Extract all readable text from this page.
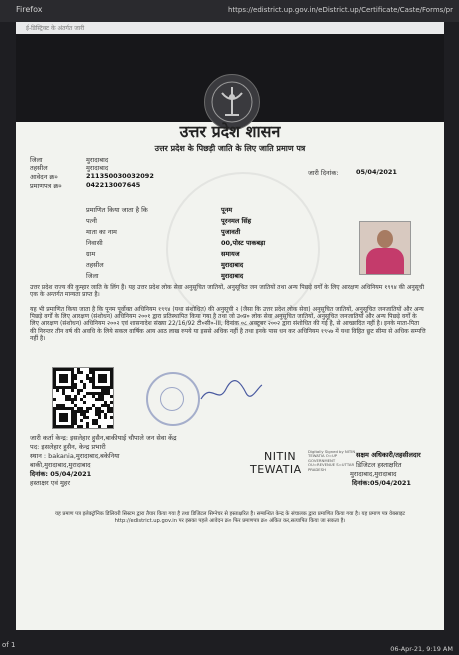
Firefox	https://edistrict.up.gov.in/eDistrict.up/Certificate/Caste/Forms/pr
ई-डिस्ट्रिक्ट के अंतर्गत जारी
उत्तर प्रदेश शासन
उत्तर प्रदेश के पिछड़ी जाति के लिए जाति प्रमाण पत्र
जिला	मुरादाबाद
तहसील	मुरादाबाद
आवेदन क्र०	211350030032092
प्रमाणपत्र क्र०	042213007645
जारी दिनांक:	05/04/2021
प्रमाणित किया जाता है कि	पूनम
पत्नी	पूरनमल सिंह
माता का नाम	पुजावती
निवासी	00,पोस्ट पाकबड़ा
ग्राम	समायज
तहसील	मुरादाबाद
जिला	मुरादाबाद
उत्तर प्रदेश राज्य की कुम्हार जाति के लिंग हैं। यह उत्तर प्रदेश लोक सेवा अनुसूचित जातियों, अनुसूचित जन जातियों तथा अन्य पिछड़े वर्गों के लिए आरक्षण अधिनियम १९९४ की अनुसूची एक के अन्तर्गत मान्यता प्राप्त है।
यह भी प्रमाणित किया जाता है कि पूनम पूर्वोक्त अधिनियम १९९४ (यथा संशोधित) की अनुसूची २ (जैसा कि उत्तर प्रदेश लोक सेवा) अनुसूचित जातियों, अनुसूचित जनजातियों और अन्य पिछड़े वर्गों के लिए आरक्षण (संशोधन) अधिनियम २००१ द्वारा प्रतिस्थापित किया गया है तथा जो उ०प्र० लोक सेवा अनुसूचित जातियों, अनुसूचित जनजातियों और अन्य पिछड़े वर्गों के लिए आरक्षण (संशोधन) अधिनियम २००२ एवं शासनादेश संख्या 22/16/92 टी०सी०-III, दिनांक ०८ अक्टूबर २००२ द्वारा संशोधित की गई है, से आच्छादित नहीं है। इनके माता-पिता की निरन्तर तीन वर्ष की अवधि के लिये सकल वार्षिक आय आठ लाख रुपये या इससे अधिक नहीं है तथा इनके पास धन कर अधिनियम १९५७ में यथा विहित छूट सीमा से अधिक सम्पत्ति नहीं है।
जारी कर्ता केन्द्र: इसलेहार हुसैन,बाकीयाई चौपाले जन सेवा केंद्र
पद: इसलेहार हुसैन, केन्द्र प्रभारी
स्थान : bakania,मुरादाबाद,बकेनिया
बाकी,मुरादाबाद,मुरादाबाद
दिनांक: 05/04/2021
हस्ताक्षर एवं मुहर
NITIN
TEWATIA
Digitally Signed by NITIN TEWATIA O=UP GOVERNMENT OU=REVENUE S=UTTAR PRADESH
सक्षम अधिकारी/तहसीलदार
डिजिटल हस्ताक्षरित
मुरादाबाद,मुरादाबाद
दिनांक:05/04/2021
यह प्रमाण पत्र इलेक्ट्रॉनिक डिलिवरी सिस्टम द्वारा तैयार किया गया है तथा डिजिटल सिग्नेचर से हस्ताक्षरित है। सम्बन्धित केन्द्र के संचालक द्वारा प्रमाणित किया गया है। यह प्रमाण पत्र वेबसाइट http://edistrict.up.gov.in पर इसका पहले आवेदन क्र० फिर प्रमाणपत्र क्र० अंकित कर,सत्यापित किया जा सकता है।
of 1	06-Apr-21, 9:19 AM
